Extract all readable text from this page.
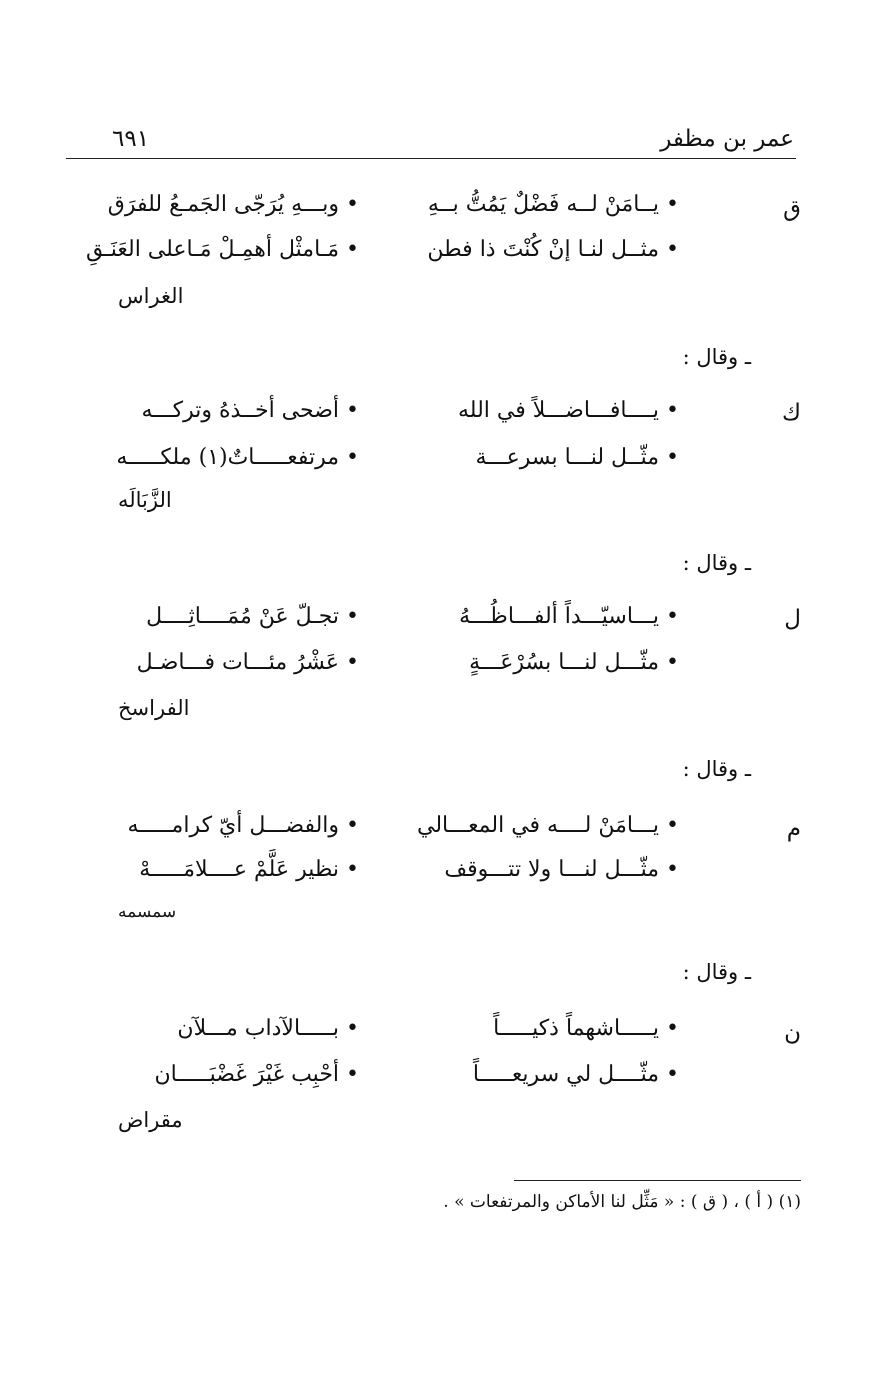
عمر بن مظفر
٦٩١
ق
• يــامَنْ لــه فَضْلٌ يَمُتُّ بــهِ
• وبـــهِ يُرَجّى الجَمـعُ للفرَق
• مثــل لنـا إنْ كُنْتَ ذا فطن
• مَـامثْل أهمِـلْ مَـاعلى العَنَـقِ
الغراس
ـ وقال :
ك
• يــــافـــاضـــلاً في الله
• أضحى أخــذهُ وتركـــه
• مثّــل لنـــا بسرعـــة
• مرتفعـــــاتٌ(١) ملكـــــه
الزَّبَالَه
ـ وقال :
ل
• يـــاسيّـــداً ألفـــاظُـــهُ
• تجـلّ عَنْ مُمَــــاثِــــل
• مثّـــل لنـــا بسُرْعَـــةٍ
• عَشْرُ مئـــات فـــاضـل
الفراسخ
ـ وقال :
م
• يـــامَنْ لــــه في المعـــالي
• والفضـــل أيّ كرامـــــه
• مثّـــل لنـــا ولا تتـــوقف
• نظير عَلَّمْ عــــلامَـــــهْ
سمسمه
ـ وقال :
ن
• يـــــاشهماً ذكيـــــاً
• بـــــالآداب مـــلآن
• مثّــــل لي سريعـــــاً
• أحْبِب غَيْرَ غَضْبَـــــان
مقراض
(١) ( أ ) ، ( ق ) : « مَثِّل لنا الأماكن والمرتفعات » .
